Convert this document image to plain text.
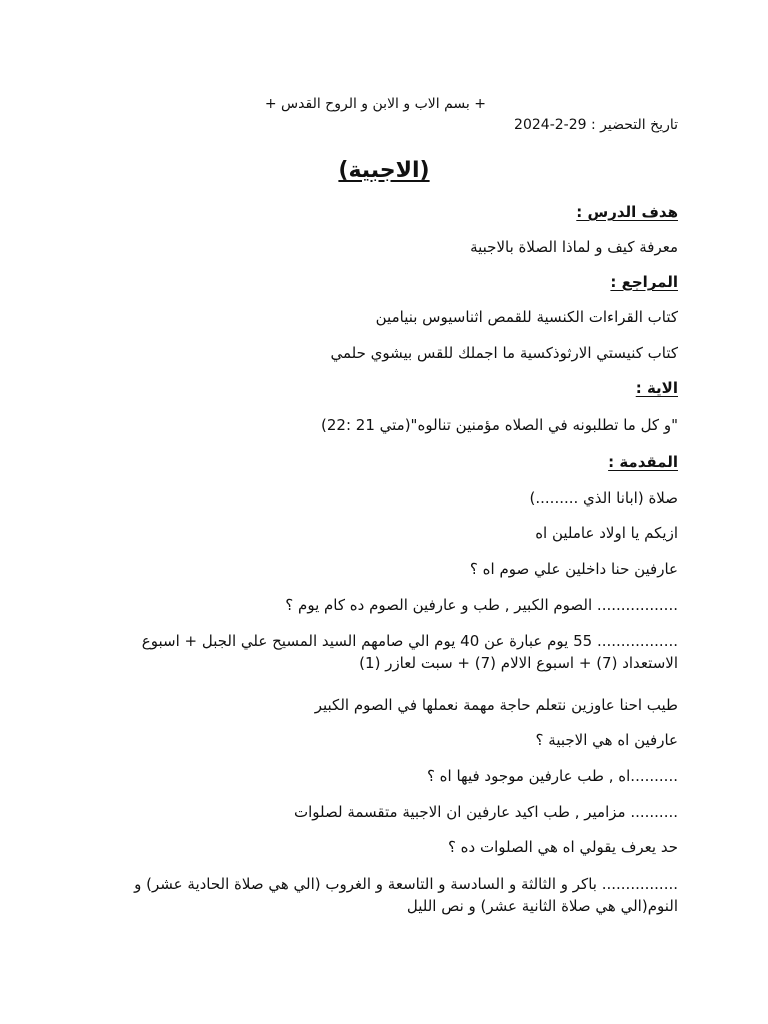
+ بسم الاب و الابن و الروح القدس +
تاريخ التحضير : 29-2-2024
(الاجبية)
هدف الدرس :
معرفة كيف و لماذا الصلاة بالاجبية
المراجع :
كتاب القراءات الكنسية للقمص اثناسيوس بنيامين
كتاب كنيستي الارثوذكسية ما اجملك للقس بيشوي حلمي
الاية :
"و كل ما تطلبونه في الصلاه مؤمنين تنالوه"(متي 21 :22)
المقدمة :
صلاة (ابانا الذي .........)
ازيكم يا اولاد عاملين اه
عارفين حنا داخلين علي صوم اه ؟
................. الصوم الكبير , طب و عارفين الصوم ده كام يوم ؟
................. 55 يوم عبارة عن 40 يوم الي صامهم السيد المسيح علي الجبل + اسبوع الاستعداد (7) + اسبوع الالام (7) + سبت لعازر (1)
طيب احنا عاوزين نتعلم حاجة مهمة نعملها في الصوم الكبير
عارفين اه هي الاجبية ؟
..........اه , طب عارفين موجود فيها اه ؟
.......... مزامير , طب اكيد عارفين ان الاجبية متقسمة لصلوات
حد يعرف يقولي اه هي الصلوات ده ؟
................ باكر و الثالثة و السادسة و التاسعة و الغروب (الي هي صلاة الحادية عشر) و النوم(الي هي صلاة الثانية عشر) و نص الليل
